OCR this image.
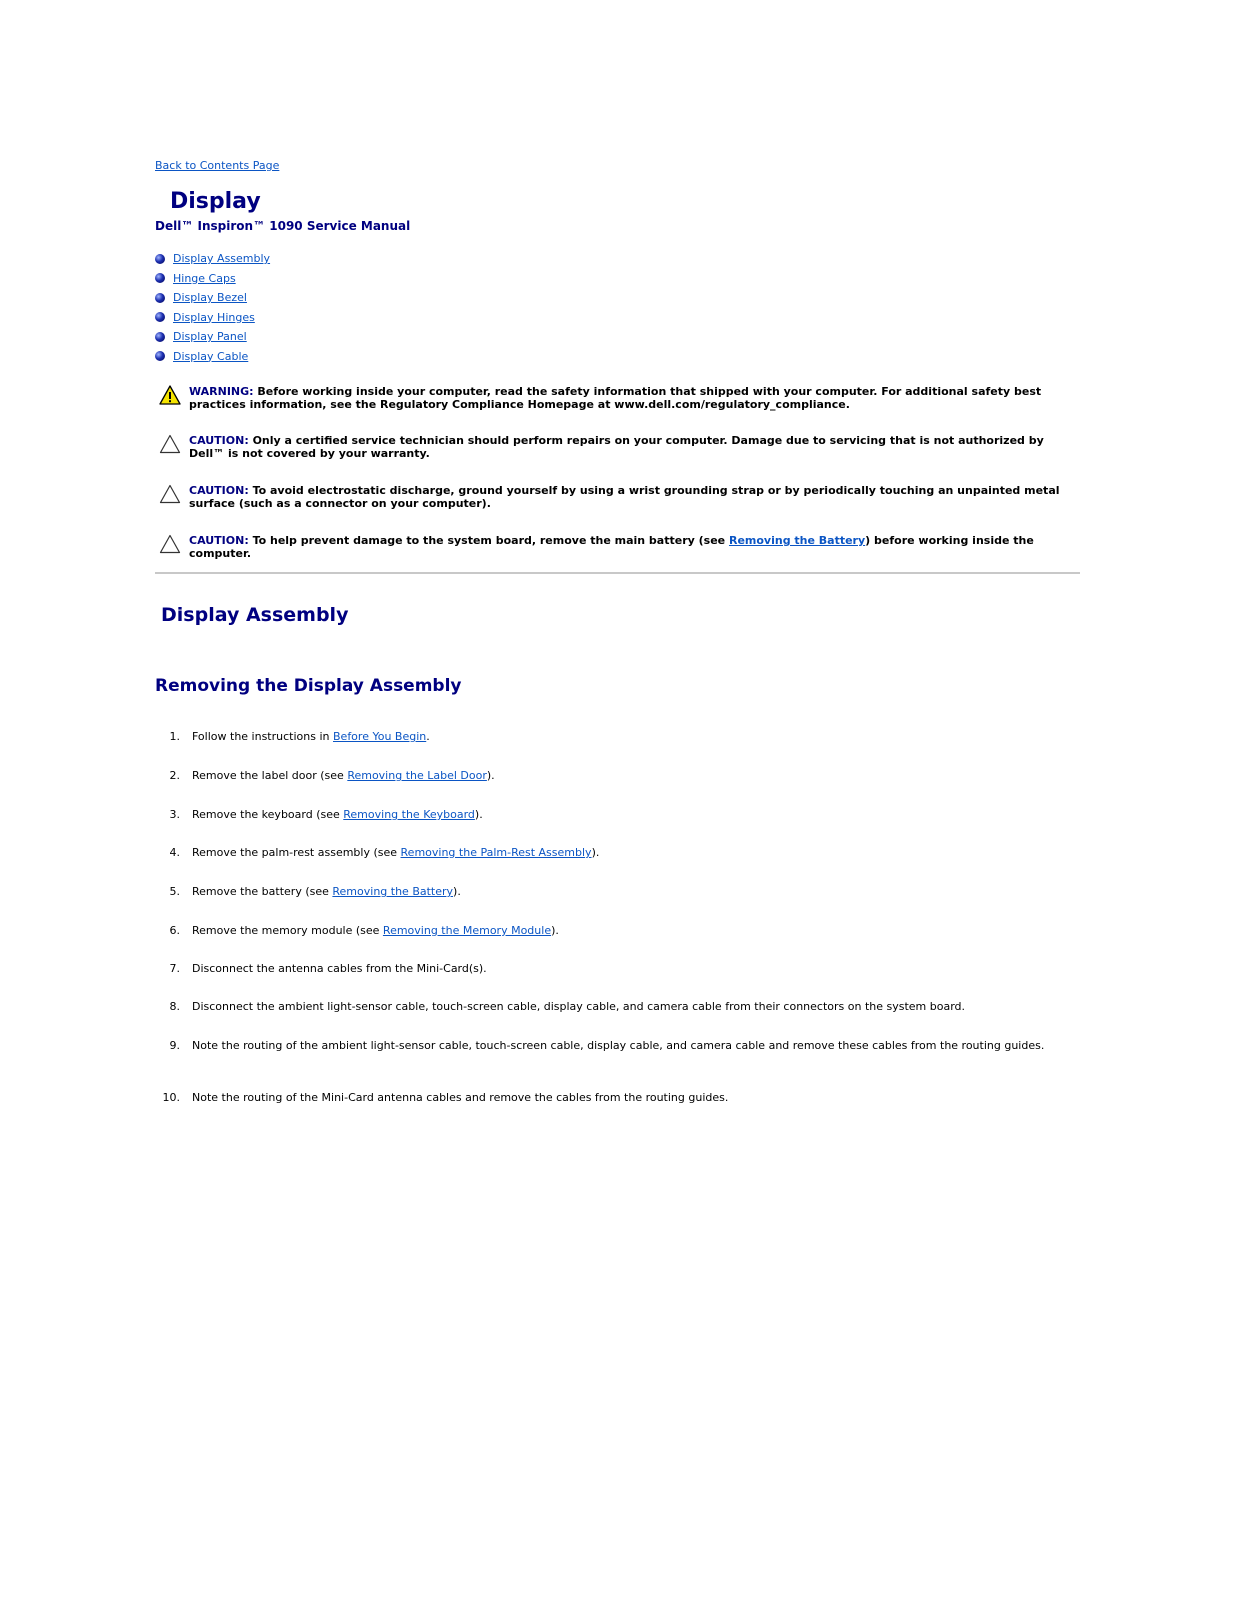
Back to Contents Page
Display
Dell™ Inspiron™ 1090 Service Manual
Display Assembly
Hinge Caps
Display Bezel
Display Hinges
Display Panel
Display Cable
WARNING: Before working inside your computer, read the safety information that shipped with your computer. For additional safety best practices information, see the Regulatory Compliance Homepage at www.dell.com/regulatory_compliance.
CAUTION: Only a certified service technician should perform repairs on your computer. Damage due to servicing that is not authorized by Dell™ is not covered by your warranty.
CAUTION: To avoid electrostatic discharge, ground yourself by using a wrist grounding strap or by periodically touching an unpainted metal surface (such as a connector on your computer).
CAUTION: To help prevent damage to the system board, remove the main battery (see Removing the Battery) before working inside the computer.
Display Assembly
Removing the Display Assembly
1. Follow the instructions in Before You Begin.
2. Remove the label door (see Removing the Label Door).
3. Remove the keyboard (see Removing the Keyboard).
4. Remove the palm-rest assembly (see Removing the Palm-Rest Assembly).
5. Remove the battery (see Removing the Battery).
6. Remove the memory module (see Removing the Memory Module).
7. Disconnect the antenna cables from the Mini-Card(s).
8. Disconnect the ambient light-sensor cable, touch-screen cable, display cable, and camera cable from their connectors on the system board.
9. Note the routing of the ambient light-sensor cable, touch-screen cable, display cable, and camera cable and remove these cables from the routing guides.
10. Note the routing of the Mini-Card antenna cables and remove the cables from the routing guides.
